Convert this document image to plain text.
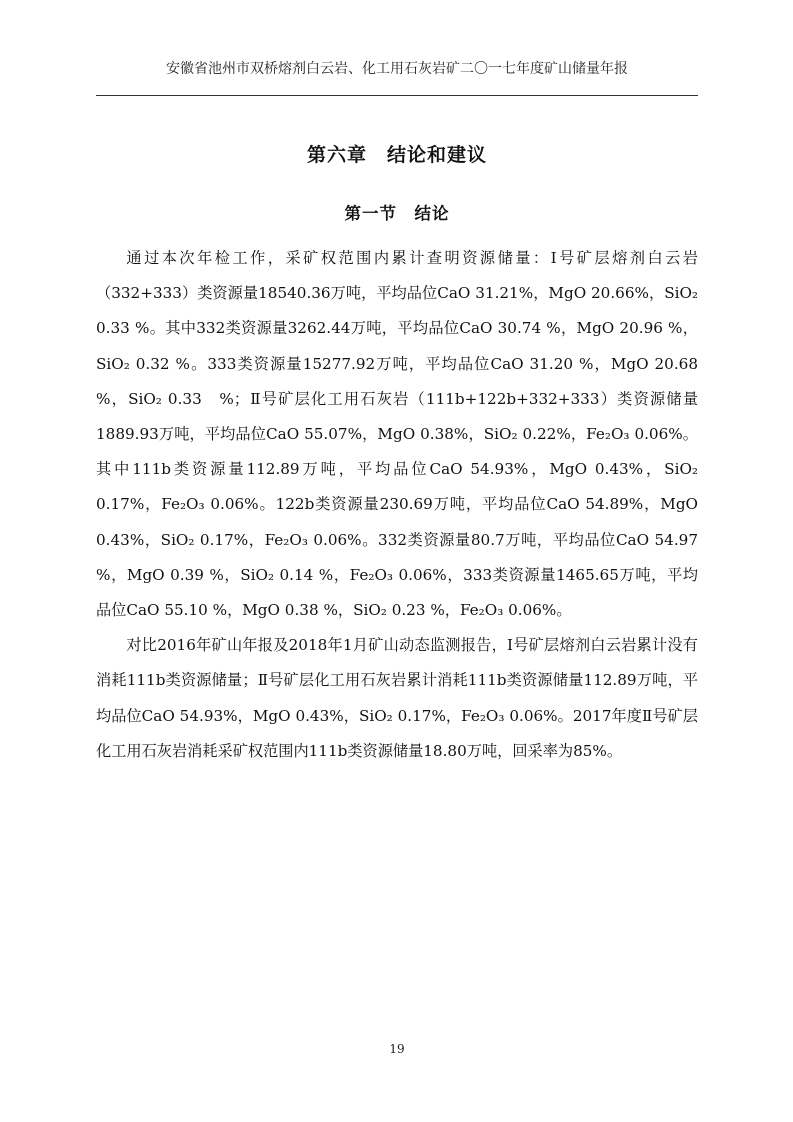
安徽省池州市双桥熔剂白云岩、化工用石灰岩矿二〇一七年度矿山储量年报
第六章　结论和建议
第一节　结论

通过本次年检工作，采矿权范围内累计查明资源储量：Ⅰ号矿层熔剂白云岩（332+333）类资源量18540.36万吨，平均品位CaO 31.21%，MgO 20.66%，SiO₂ 0.33 %。其中332类资源量3262.44万吨，平均品位CaO 30.74 %，MgO 20.96 %，SiO₂ 0.32 %。333类资源量15277.92万吨，平均品位CaO 31.20 %，MgO 20.68 %，SiO₂ 0.33　%；Ⅱ号矿层化工用石灰岩（111b+122b+332+333）类资源储量1889.93万吨，平均品位CaO 55.07%，MgO 0.38%，SiO₂ 0.22%，Fe₂O₃ 0.06%。其中111b类资源量112.89万吨，平均品位CaO 54.93%，MgO 0.43%，SiO₂ 0.17%，Fe₂O₃ 0.06%。122b类资源量230.69万吨，平均品位CaO 54.89%，MgO 0.43%，SiO₂ 0.17%，Fe₂O₃ 0.06%。332类资源量80.7万吨，平均品位CaO 54.97 %，MgO 0.39 %，SiO₂ 0.14 %，Fe₂O₃ 0.06%，333类资源量1465.65万吨，平均品位CaO 55.10 %，MgO 0.38 %，SiO₂ 0.23 %，Fe₂O₃ 0.06%。

对比2016年矿山年报及2018年1月矿山动态监测报告，Ⅰ号矿层熔剂白云岩累计没有消耗111b类资源储量；Ⅱ号矿层化工用石灰岩累计消耗111b类资源储量112.89万吨，平均品位CaO 54.93%，MgO 0.43%，SiO₂ 0.17%，Fe₂O₃ 0.06%。2017年度Ⅱ号矿层化工用石灰岩消耗采矿权范围内111b类资源储量18.80万吨，回采率为85%。

19
